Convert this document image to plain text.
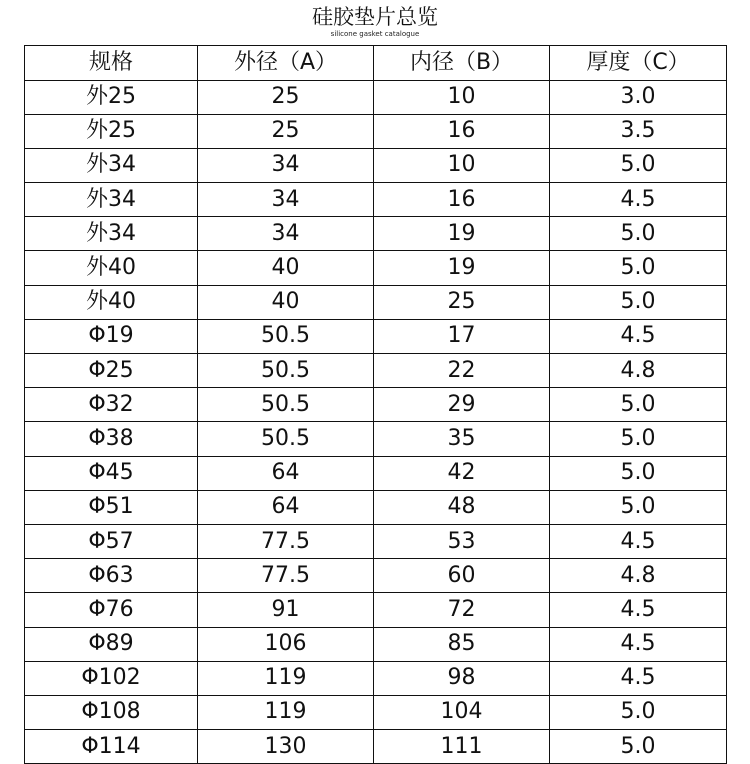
硅胶垫片总览
silicone gasket catalogue
规格	外径（A）	内径（B）	厚度（C）
外25	25	10	3.0
外25	25	16	3.5
外34	34	10	5.0
外34	34	16	4.5
外34	34	19	5.0
外40	40	19	5.0
外40	40	25	5.0
Φ19	50.5	17	4.5
Φ25	50.5	22	4.8
Φ32	50.5	29	5.0
Φ38	50.5	35	5.0
Φ45	64	42	5.0
Φ51	64	48	5.0
Φ57	77.5	53	4.5
Φ63	77.5	60	4.8
Φ76	91	72	4.5
Φ89	106	85	4.5
Φ102	119	98	4.5
Φ108	119	104	5.0
Φ114	130	111	5.0
